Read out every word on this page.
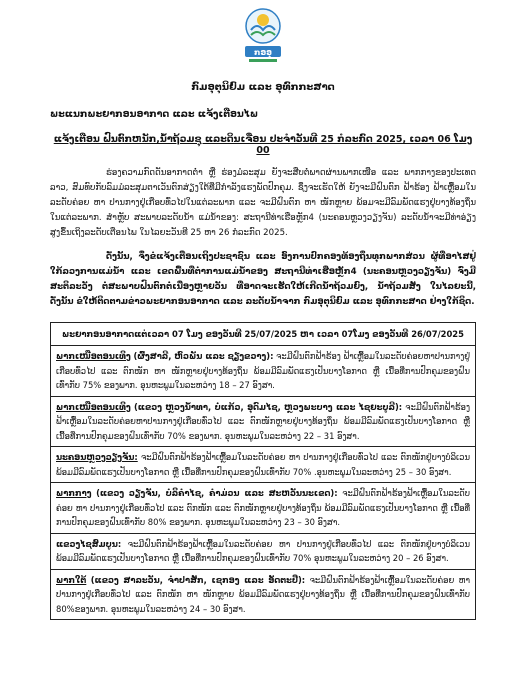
ກອອຸ
ກົມອຸຕຸນິຍົມ ແລະ ອຸທົກກະສາດ
ພະແນກພະຍາກອນອາກາດ ແລະ ແຈ້ງເຕືອນໄພ
ແຈ້ງເຕືອນ ຝົນຕົກຫນັກ,ນ້ຳຖ້ວມຊຸ ແລະດິນເຈື່ອນ ປະຈຳວັນທີ 25 ກໍລະກົດ 2025, ເວລາ 06 ໂມງ 00

ຮ່ອງຄວາມກົດດັນອາກາດຕ່ຳ ຫຼື ຮ່ອງມໍລະສຸມ ຍັງຈະສືບຕໍ່ພາດຜ່ານພາກເໜືອ ແລະ ພາກກາງຂອງປະເທດລາວ, ສົມທົບກັບລົມມໍລະສຸມຕາເວັນຕົກສ່ຽງໃຕ້ທີ່ມີກຳລັງແຮງພັດປົກຄຸມ. ຊຶ່ງຈະເຮັດໃຫ້ ຍັງຈະມີຝົນຕົກ ຟ້າຮ້ອງ ຟ້າເຫຼື້ອມໃນລະດັບຄ່ອຍ ຫາ ປານກາງຢູ່ເກືອບທົ່ວໄປໃນແຕ່ລະພາກ ແລະ ຈະມີຝົນຕົກ ຫາ ໜັກຫຼາຍ ພ້ອມຈະມີລົມພັດແຮງຢູ່ບາງທ້ອງຖິ່ນໃນແຕ່ລະພາກ. ສຳຫຼັບ ສະພາບລະດັບນ້ຳ ແມ່ນ້ຳຂອງ: ສະຖານີທ່າເຮືອຫຼັກ4 (ນະຄອນຫຼວງວຽງຈັນ) ລະດັບນ້ຳຈະມີທ່າອ່ຽງສູງຂຶ້ນເຖິງລະດັບເຕືອນໄພ ໃນໄລຍະວັນທີ 25 ຫາ 26 ກໍລະກົດ 2025.

ດັ່ງນັ້ນ, ຈຶ່ງຂໍແຈ້ງເຕືອນເຖິງປະຊາຊົນ ແລະ ອົງການປົກຄອງທ້ອງຖິ່ນທຸກພາກສ່ວນ ຜູ້ທີ່ອາໄສຢູ່ໃກ້ລວງການແມ່ນ້ຳ ແລະ ເຂດພື້ນທີ່ຕ່ຳການແມ່ນ້ຳຂອງ ສະຖານີທ່າເຮືອຫຼັກ4 (ນະຄອນຫຼວງວຽງຈັນ) ຈົ່ງມີສະຕິລະວັງ ຕໍ່ສະພາບຝົນຕົກຕໍ່ເນື່ອງຫຼາຍວັນ ທີ່ອາດຈະເຮັດໃຫ້ເກີດນ້ຳຖ້ວມຍົງ, ນ້ຳຖ້ວມສັງ ໃນໄລຍະນີ້, ດັ່ງນັ້ນ ຂໍໃຫ້ຕິດຕາມຂ່າວພະຍາກອນອາກາດ ແລະ ລະດັບນ້ຳຈາກ ກົມອຸຕຸນິຍົມ ແລະ ອຸທົກກະສາດ ຢ່າງໃກ້ຊິດ.

ພະຍາກອນອາກາດແຕ່ເວລາ 07 ໂມງ ຂອງວັນທີ 25/07/2025 ຫາ ເວລາ 07ໂມງ ຂອງວັນທີ 26/07/2025
ພາກເໜືອຕອນເທິງ (ຜົ້ງສາລີ, ຫົວພັນ ແລະ ຊຽງຂວາງ): ຈະມີຝົນຕົກຟ້າຮ້ອງ ຟ້າເຫຼື້ອມໃນລະດັບຄ່ອຍຫາປານກາງຢູ່ເກືອບທົ່ວໄປ ແລະ ຕົກໜັກ ຫາ ໜັກຫຼາຍຢູ່ບາງທ້ອງຖິ່ນ ພ້ອມມີລົມພັດແຮງເປັນບາງໂອກາດ ຫຼື ເນື້ອທີ່ການປົກຄຸມຂອງຝົນເທົ່າກັບ 75% ຂອງພາກ. ອຸນຫະພູມໃນລະຫວ່າງ 18 – 27 ອົງສາ.
ພາກເໜືອຕອນເທິງ (ແຂວງ ຫຼວງນ້ຳທາ, ບໍ່ແກ້ວ, ອຸດົມໄຊ, ຫຼວງພະບາງ ແລະ ໄຊຍະບູລີ): ຈະມີຝົນຕົກຟ້າຮ້ອງ ຟ້າເຫຼື້ອມໃນລະດັບຄ່ອຍຫາປານກາງຢູ່ເກືອບທົ່ວໄປ ແລະ ຕົກໜັກຫຼາຍຢູ່ບາງທ້ອງຖິ່ນ ພ້ອມມີລົມພັດແຮງເປັນບາງໂອກາດ ຫຼື ເນື້ອທີ່ການປົກຄຸມຂອງຝົນເທົ່າກັບ 70% ຂອງພາກ. ອຸນຫະພູມໃນລະຫວ່າງ 22 – 31 ອົງສາ.
ນະຄອນຫຼວງວຽງຈັນ: ຈະມີຝົນຕົກຟ້າຮ້ອງຟ້າເຫຼື້ອມໃນລະດັບຄ່ອຍ ຫາ ປານກາງຢູ່ເກືອບທົ່ວໄປ ແລະ ຕົກໜັກຢູ່ບາງບໍລິເວນ ພ້ອມມີລົມພັດແຮງເປັນບາງໂອກາດ ຫຼື ເນື້ອທີ່ການປົກຄຸມຂອງຝົນເທົ່າກັບ 70% .ອຸນຫະພູມໃນລະຫວ່າງ 25 – 30 ອົງສາ.
ພາກກາງ (ແຂວງ ວຽງຈັນ, ບໍລິຄຳໄຊ, ຄຳມ່ວນ ແລະ ສະຫວັນນະເຂດ): ຈະມີຝົນຕົກຟ້າຮ້ອງຟ້າເຫຼື້ອມໃນລະດັບຄ່ອຍ ຫາ ປານກາງຢູ່ເກືອບທົ່ວໄປ ແລະ ຕົກໜັກ ແລະ ຕົກໜັກຫຼາຍຢູ່ບາງທ້ອງຖິ່ນ ພ້ອມມີລົມພັດແຮງເປັນບາງໂອກາດ ຫຼື ເນື້ອທີ່ການປົກຄຸມຂອງຝົນເທົ່າກັບ 80% ຂອງພາກ. ອຸນຫະພູມໃນລະຫວ່າງ 23 – 30 ອົງສາ.
ແຂວງໄຊສົມບູນ: ຈະມີຝົນຕົກຟ້າຮ້ອງຟ້າເຫຼື້ອມໃນລະດັບຄ່ອຍ ຫາ ປານກາງຢູ່ເກືອບທົ່ວໄປ ແລະ ຕົກໜັກຢູ່ບາງບໍລິເວນ ພ້ອມມີລົມພັດແຮງເປັນບາງໂອກາດ ຫຼື ເນື້ອທີ່ການປົກຄຸມຂອງຝົນເທົ່າກັບ 70% ອຸນຫະພູມໃນລະຫວ່າງ 20 – 26 ອົງສາ.
ພາກໃຕ້ (ແຂວງ ສາລະວັນ, ຈຳປາສັກ, ເຊກອງ ແລະ ອັດຕະປື): ຈະມີຝົນຕົກຟ້າຮ້ອງຟ້າເຫຼື້ອມໃນລະດັບຄ່ອຍ ຫາ ປານກາງຢູ່ເກືອບທົ່ວໄປ ແລະ ຕົກໜັກ ຫາ ໜັກຫຼາຍ ພ້ອມມີລົມພັດແຮງຢູ່ບາງທ້ອງຖິ່ນ ຫຼື ເນື້ອທີ່ການປົກຄຸມຂອງຝົນເທົ່າກັບ 80%ຂອງພາກ. ອຸນຫະພູມໃນລະຫວ່າງ 24 – 30 ອົງສາ.
